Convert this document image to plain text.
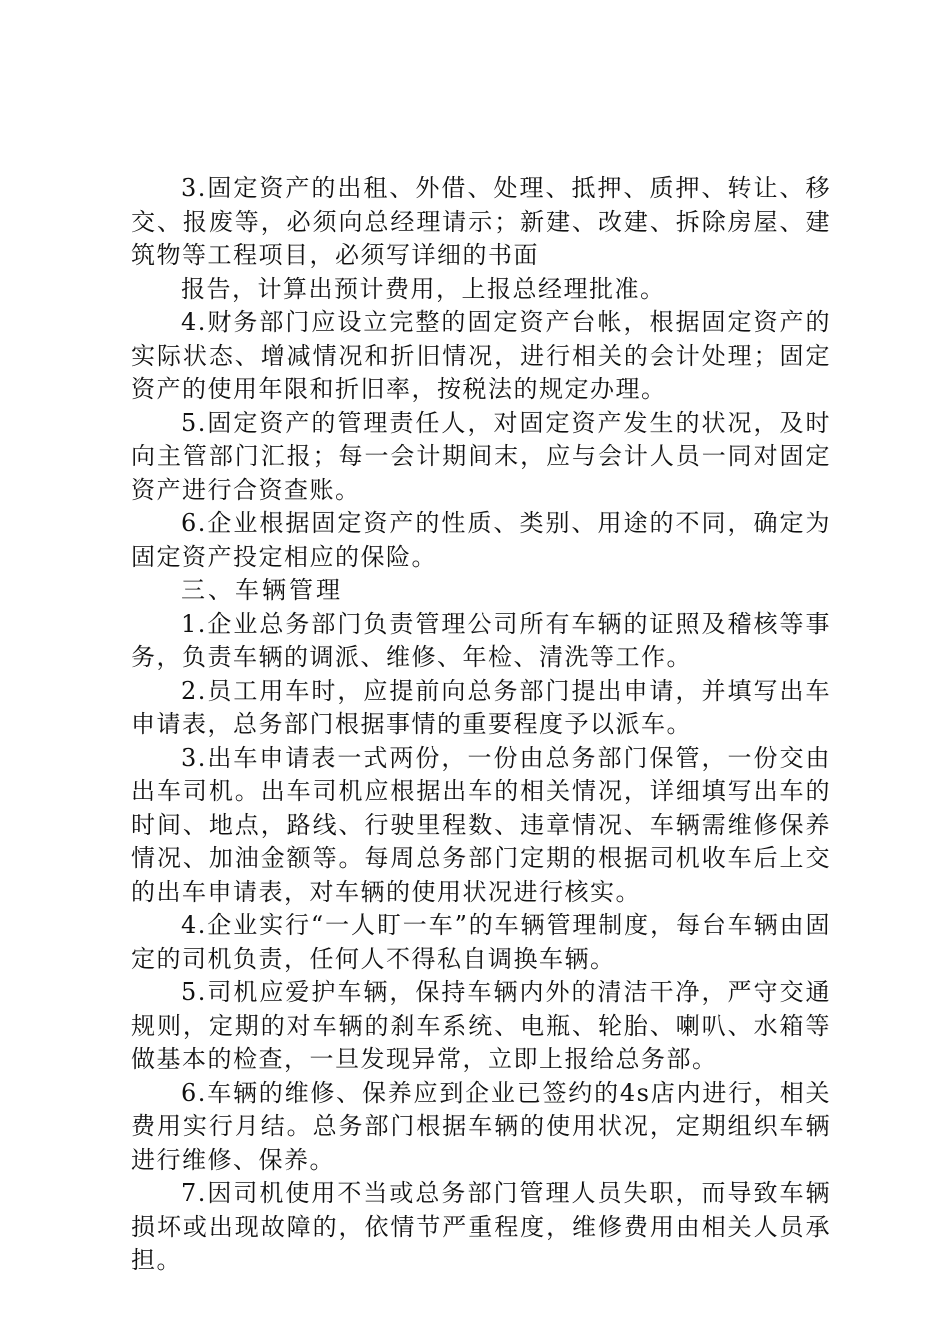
3.固定资产的出租、外借、处理、抵押、质押、转让、移交、报废等，必须向总经理请示；新建、改建、拆除房屋、建筑物等工程项目，必须写详细的书面

报告，计算出预计费用，上报总经理批准。

4.财务部门应设立完整的固定资产台帐，根据固定资产的实际状态、增减情况和折旧情况，进行相关的会计处理；固定资产的使用年限和折旧率，按税法的规定办理。

5.固定资产的管理责任人，对固定资产发生的状况，及时向主管部门汇报；每一会计期间末，应与会计人员一同对固定资产进行合资查账。

6.企业根据固定资产的性质、类别、用途的不同，确定为固定资产投定相应的保险。

三、车辆管理

1.企业总务部门负责管理公司所有车辆的证照及稽核等事务，负责车辆的调派、维修、年检、清洗等工作。

2.员工用车时，应提前向总务部门提出申请，并填写出车申请表，总务部门根据事情的重要程度予以派车。

3.出车申请表一式两份，一份由总务部门保管，一份交由出车司机。出车司机应根据出车的相关情况，详细填写出车的时间、地点，路线、行驶里程数、违章情况、车辆需维修保养情况、加油金额等。每周总务部门定期的根据司机收车后上交的出车申请表，对车辆的使用状况进行核实。

4.企业实行“一人盯一车”的车辆管理制度，每台车辆由固定的司机负责，任何人不得私自调换车辆。

5.司机应爱护车辆，保持车辆内外的清洁干净，严守交通规则，定期的对车辆的刹车系统、电瓶、轮胎、喇叭、水箱等做基本的检查，一旦发现异常，立即上报给总务部。

6.车辆的维修、保养应到企业已签约的4s店内进行，相关费用实行月结。总务部门根据车辆的使用状况，定期组织车辆进行维修、保养。

7.因司机使用不当或总务部门管理人员失职，而导致车辆损坏或出现故障的，依情节严重程度，维修费用由相关人员承担。
